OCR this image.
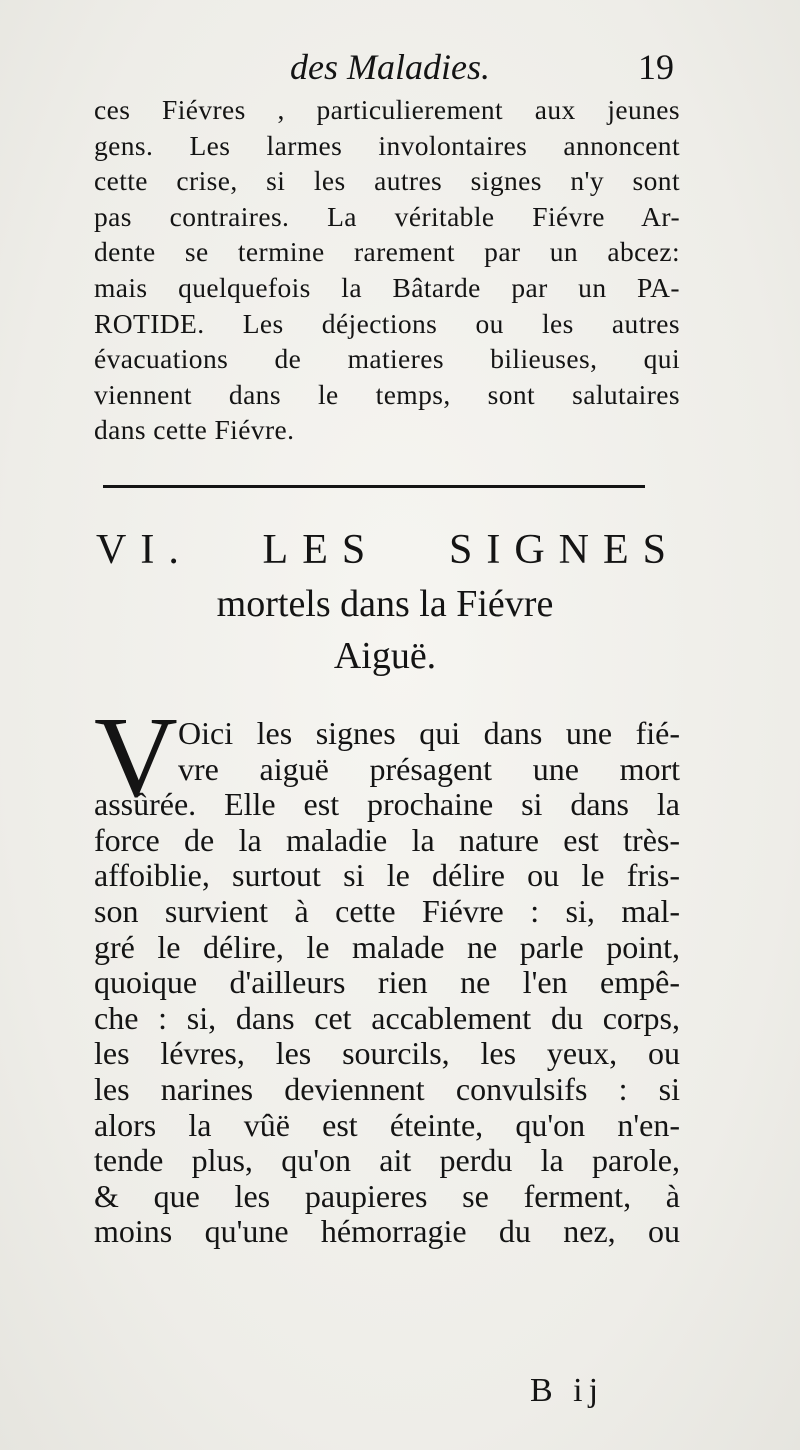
des Maladies.	19
ces Fiévres , particulierement aux jeunes
gens. Les larmes involontaires annoncent
cette crise, si les autres signes n'y sont
pas contraires. La véritable Fiévre Ar-
dente se termine rarement par un abcez:
mais quelquefois la Bâtarde par un PA-
ROTIDE. Les déjections ou les autres
évacuations de matieres bilieuses, qui
viennent dans le temps, sont salutaires
dans cette Fiévre.
VI. LES SIGNES
mortels dans la Fiévre
Aiguë.
V Oici les signes qui dans une fié-
vre aiguë présagent une mort
assûrée. Elle est prochaine si dans la
force de la maladie la nature est très-
affoiblie, surtout si le délire ou le fris-
son survient à cette Fiévre : si, mal-
gré le délire, le malade ne parle point,
quoique d'ailleurs rien ne l'en empê-
che : si, dans cet accablement du corps,
les lévres, les sourcils, les yeux, ou
les narines deviennent convulsifs : si
alors la vûë est éteinte, qu'on n'en-
tende plus, qu'on ait perdu la parole,
& que les paupieres se ferment, à
moins qu'une hémorragie du nez, ou
B ij
